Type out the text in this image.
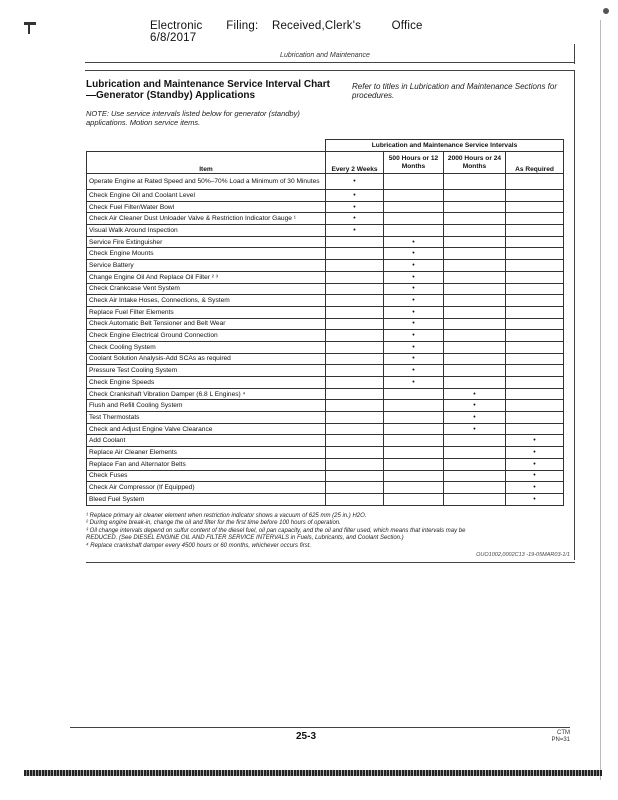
Electronic Filing: Received,Clerk's	Office    6/8/2017
Lubrication and Maintenance
Lubrication and Maintenance Service Interval Chart—Generator (Standby) Applications
Refer to titles in Lubrication and Maintenance Sections for procedures.
NOTE: Use service intervals listed below for generator (standby) applications. Motion service items.
	Lubrication and Maintenance Service Intervals			
Item	Every 2 Weeks	500 Hours or 12 Months	2000 Hours or 24 Months	As Required
Operate Engine at Rated Speed and 50%–70% Load a Minimum of 30 Minutes	•			
Check Engine Oil and Coolant Level	•			
Check Fuel Filter/Water Bowl	•			
Check Air Cleaner Dust Unloader Valve & Restriction Indicator Gauge ¹	•			
Visual Walk Around Inspection	•			
Service Fire Extinguisher		•		
Check Engine Mounts		•		
Service Battery		•		
Change Engine Oil And Replace Oil Filter ² ³		•		
Check Crankcase Vent System		•		
Check Air Intake Hoses, Connections, & System		•		
Replace Fuel Filter Elements		•		
Check Automatic Belt Tensioner and Belt Wear		•		
Check Engine Electrical Ground Connection		•		
Check Cooling System		•		
Coolant Solution Analysis-Add SCAs as required		•		
Pressure Test Cooling System		•		
Check Engine Speeds		•		
Check Crankshaft Vibration Damper (6.8 L Engines) ⁴			•	
Flush and Refill Cooling System			•	
Test Thermostats			•	
Check and Adjust Engine Valve Clearance			•	
Add Coolant				•
Replace Air Cleaner Elements				•
Replace Fan and Alternator Belts				•
Check Fuses				•
Check Air Compressor (If Equipped)				•
Bleed Fuel System				•
¹ Replace primary air cleaner element when restriction indicator shows a vacuum of 625 mm (25 in.) H2O.
² During engine break-in, change the oil and filter for the first time before 100 hours of operation.
³ Oil change intervals depend on sulfur content of the diesel fuel, oil pan capacity, and the oil and filter used, which means that intervals may be
REDUCED. (See DIESEL ENGINE OIL AND FILTER SERVICE INTERVALS in Fuels, Lubricants, and Coolant Section.)
⁴ Replace crankshaft damper every 4500 hours or 60 months, whichever occurs first.
OUO1002,0002C13 -19-05MAR03-1/1
25-3	CTM
PN=31
